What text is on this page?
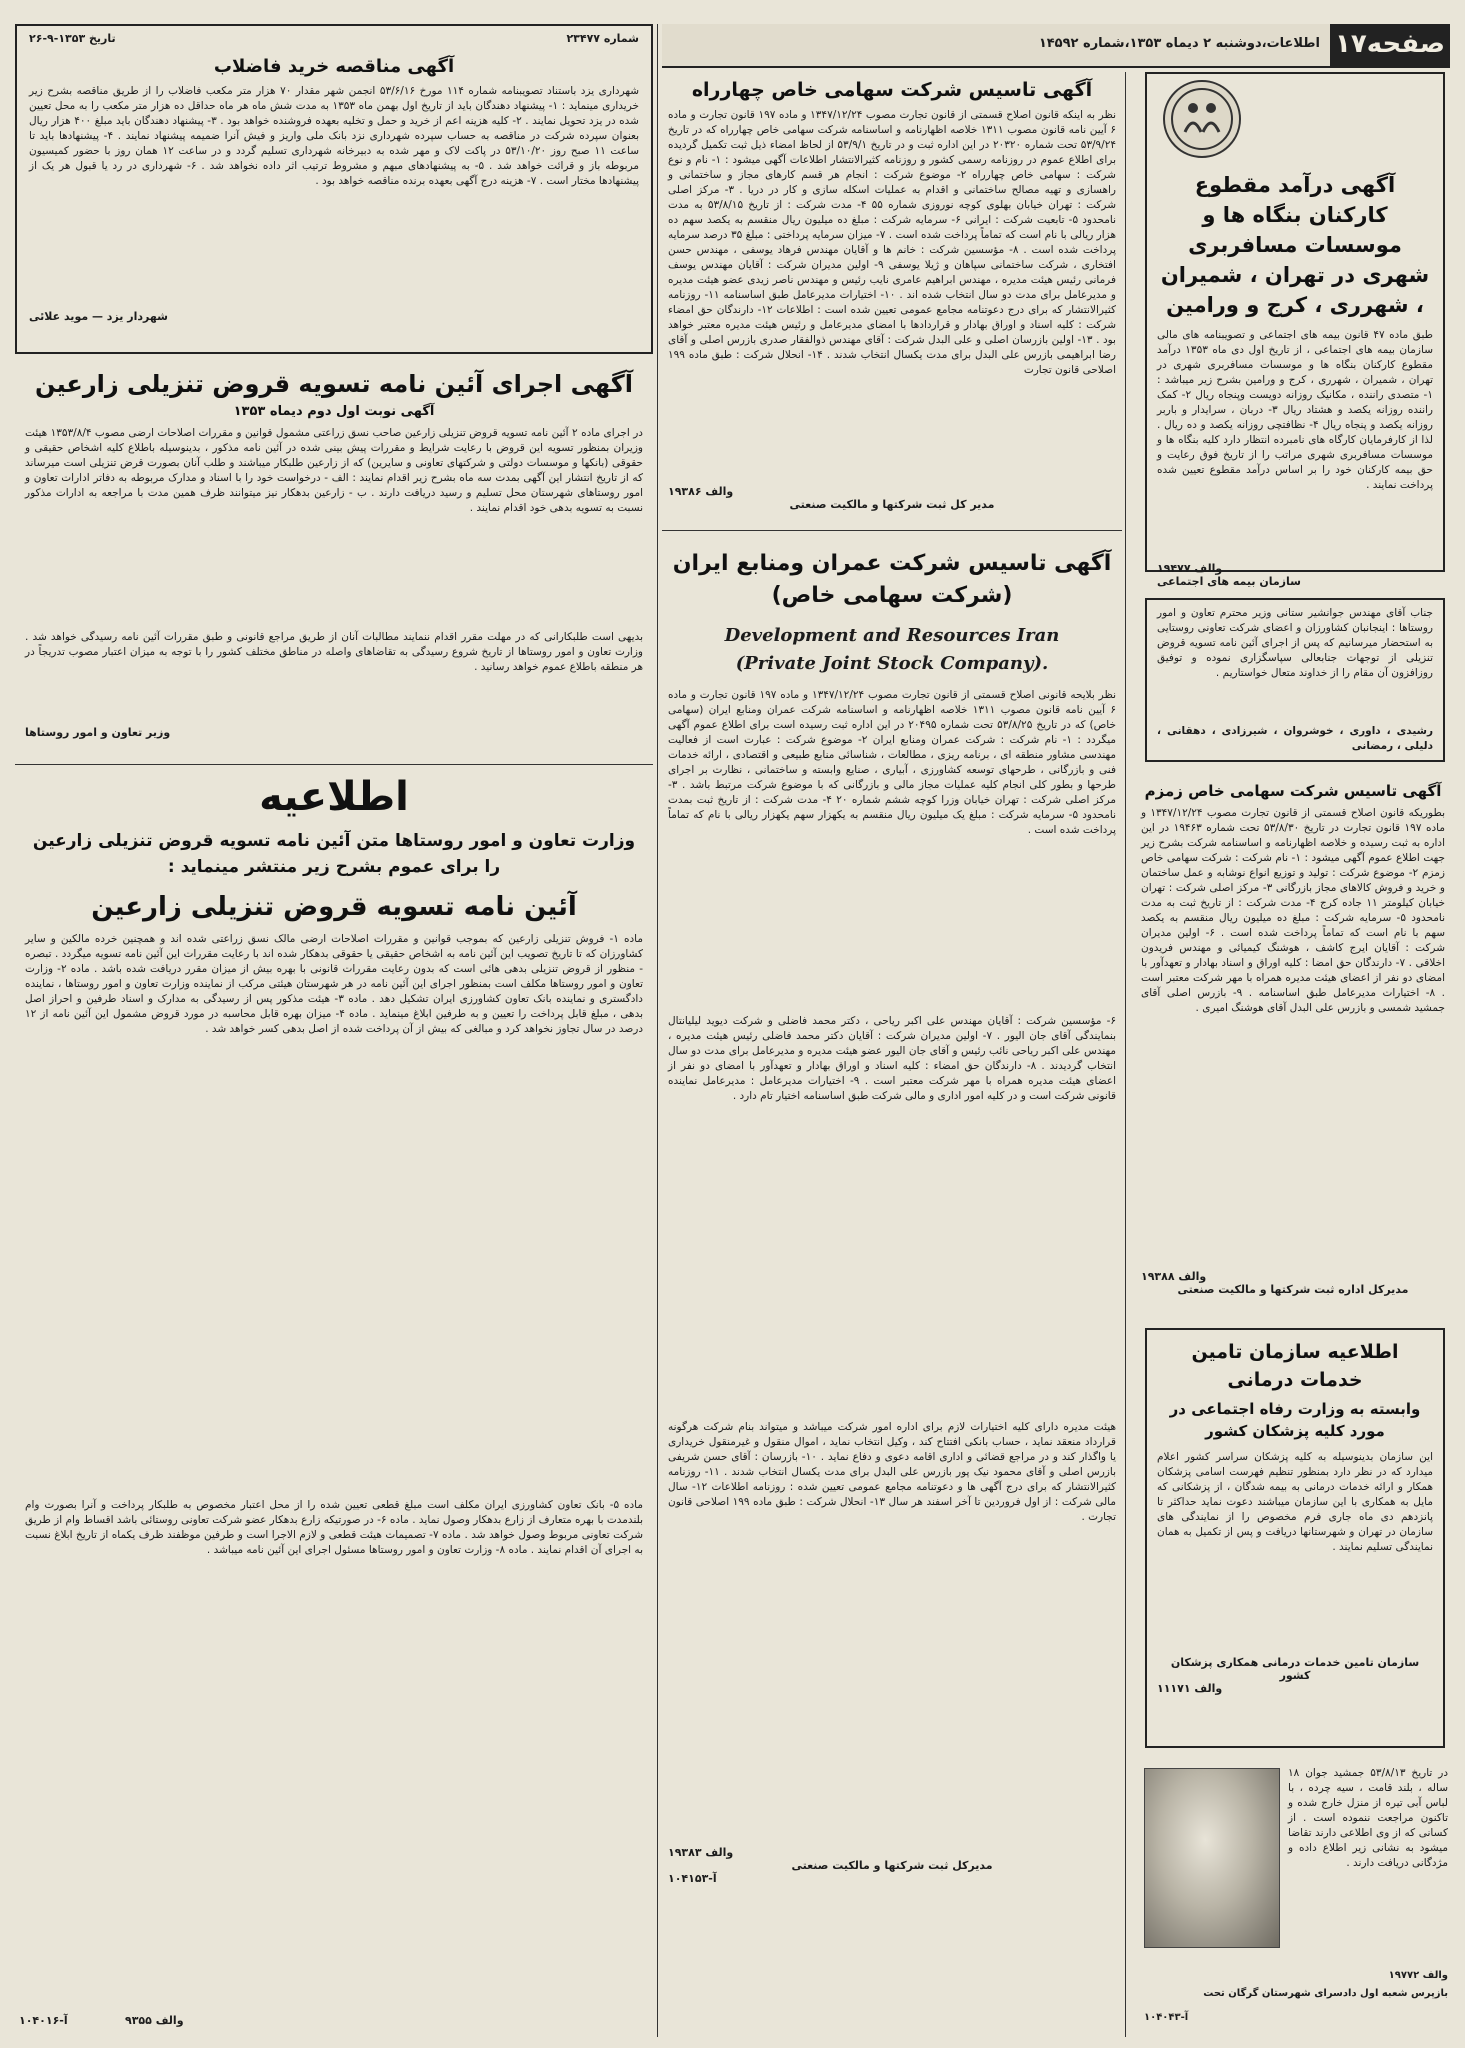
صفحه۱۷
اطلاعات،دوشنبه ۲ دیماه ۱۳۵۳،شماره ۱۴۵۹۲
آگهی درآمد مقطوع کارکنان بنگاه ها و موسسات مسافربری شهری در تهران ، شمیران ، شهرری ، کرج و ورامین
طبق ماده ۴۷ قانون بیمه های اجتماعی و تصویبنامه های مالی سازمان بیمه های اجتماعی ، از تاریخ اول دی ماه ۱۳۵۳ درآمد مقطوع کارکنان بنگاه ها و موسسات مسافربری شهری در تهران ، شمیران ، شهرری ، کرج و ورامین بشرح زیر میباشد : ۱- متصدی راننده ، مکانیک روزانه دویست وپنجاه ریال ۲- کمک راننده روزانه یکصد و هشتاد ریال ۳- دربان ، سرایدار و باربر روزانه یکصد و پنجاه ریال ۴- نظافتچی روزانه یکصد و ده ریال . لذا از کارفرمایان کارگاه های نامبرده انتظار دارد کلیه بنگاه ها و موسسات مسافربری شهری مراتب را از تاریخ فوق رعایت و حق بیمه کارکنان خود را بر اساس درآمد مقطوع تعیین شده پرداخت نمایند .
والف ۱۹۴۷۷
سازمان بیمه های اجتماعی
جناب آقای مهندس جوانشیر ستانی وزیر محترم تعاون و امور روستاها : اینجانبان کشاورزان و اعضای شرکت تعاونی روستایی به استحضار میرسانیم که پس از اجرای آئین نامه تسویه قروض تنزیلی از توجهات جنابعالی سپاسگزاری نموده و توفیق روزافزون آن مقام را از خداوند متعال خواستاریم .
رشیدی ، داوری ، خوشروان ، شیرزادی ، دهقانی ، دلیلی ، رمضانی
آگهی تاسیس شرکت سهامی خاص زمزم
بطوریکه قانون اصلاح قسمتی از قانون تجارت مصوب ۱۳۴۷/۱۲/۲۴ و ماده ۱۹۷ قانون تجارت در تاریخ ۵۳/۸/۳۰ تحت شماره ۱۹۴۶۳ در این اداره به ثبت رسیده و خلاصه اظهارنامه و اساسنامه شرکت بشرح زیر جهت اطلاع عموم آگهی میشود : ۱- نام شرکت : شرکت سهامی خاص زمزم ۲- موضوع شرکت : تولید و توزیع انواع نوشابه و عمل ساختمان و خرید و فروش کالاهای مجاز بازرگانی ۳- مرکز اصلی شرکت : تهران خیابان کیلومتر ۱۱ جاده کرج ۴- مدت شرکت : از تاریخ ثبت به مدت نامحدود ۵- سرمایه شرکت : مبلغ ده میلیون ریال منقسم به یکصد سهم با نام است که تماماً پرداخت شده است . ۶- اولین مدیران شرکت : آقایان ایرج کاشف ، هوشنگ کیمیائی و مهندس فریدون اخلاقی . ۷- دارندگان حق امضا : کلیه اوراق و اسناد بهادار و تعهدآور با امضای دو نفر از اعضای هیئت مدیره همراه با مهر شرکت معتبر است . ۸- اختیارات مدیرعامل طبق اساسنامه . ۹- بازرس اصلی آقای جمشید شمسی و بازرس علی البدل آقای هوشنگ امیری .
والف ۱۹۳۸۸
مدیرکل اداره ثبت شرکتها و مالکیت صنعتی
اطلاعیه سازمان تامین خدمات درمانی
وابسته به وزارت رفاه اجتماعی در مورد کلیه پزشکان کشور
این سازمان بدینوسیله به کلیه پزشکان سراسر کشور اعلام میدارد که در نظر دارد بمنظور تنظیم فهرست اسامی پزشکان همکار و ارائه خدمات درمانی به بیمه شدگان ، از پزشکانی که مایل به همکاری با این سازمان میباشند دعوت نماید حداکثر تا پانزدهم دی ماه جاری فرم مخصوص را از نمایندگی های سازمان در تهران و شهرستانها دریافت و پس از تکمیل به همان نمایندگی تسلیم نمایند .
سازمان تامین خدمات درمانی همکاری پزشکان کشور
والف ۱۱۱۷۱
در تاریخ ۵۳/۸/۱۳ جمشید جوان ۱۸ ساله ، بلند قامت ، سیه چرده ، با لباس آبی تیره از منزل خارج شده و تاکنون مراجعت ننموده است . از کسانی که از وی اطلاعی دارند تقاضا میشود به نشانی زیر اطلاع داده و مژدگانی دریافت دارند .
والف ۱۹۷۷۲
بازپرس شعبه اول دادسرای شهرستان گرگان تحت
آ-۱۰۴۰۴۳
آگهی تاسیس شرکت سهامی خاص چهارراه
نظر به اینکه قانون اصلاح قسمتی از قانون تجارت مصوب ۱۳۴۷/۱۲/۲۴ و ماده ۱۹۷ قانون تجارت و ماده ۶ آیین نامه قانون مصوب ۱۳۱۱ خلاصه اظهارنامه و اساسنامه شرکت سهامی خاص چهارراه که در تاریخ ۵۳/۹/۲۴ تحت شماره ۲۰۳۲۰ در این اداره ثبت و در تاریخ ۵۳/۹/۱ از لحاظ امضاء ذیل ثبت تکمیل گردیده برای اطلاع عموم در روزنامه رسمی کشور و روزنامه کثیرالانتشار اطلاعات آگهی میشود : ۱- نام و نوع شرکت : سهامی خاص چهارراه ۲- موضوع شرکت : انجام هر قسم کارهای مجاز و ساختمانی و راهسازی و تهیه مصالح ساختمانی و اقدام به عملیات اسکله سازی و کار در دریا . ۳- مرکز اصلی شرکت : تهران خیابان بهلوی کوچه نوروزی شماره ۵۵ ۴- مدت شرکت : از تاریخ ۵۳/۸/۱۵ به مدت نامحدود ۵- تابعیت شرکت : ایرانی ۶- سرمایه شرکت : مبلغ ده میلیون ریال منقسم به یکصد سهم ده هزار ریالی با نام است که تماماً پرداخت شده است . ۷- میزان سرمایه پرداختی : مبلغ ۳۵ درصد سرمایه پرداخت شده است . ۸- مؤسسین شرکت : خانم ها و آقایان مهندس فرهاد یوسفی ، مهندس حسن افتخاری ، شرکت ساختمانی سپاهان و ژیلا یوسفی ۹- اولین مدیران شرکت : آقایان مهندس یوسف فرمانی رئیس هیئت مدیره ، مهندس ابراهیم عامری نایب رئیس و مهندس ناصر زیدی عضو هیئت مدیره و مدیرعامل برای مدت دو سال انتخاب شده اند . ۱۰- اختیارات مدیرعامل طبق اساسنامه ۱۱- روزنامه کثیرالانتشار که برای درج دعوتنامه مجامع عمومی تعیین شده است : اطلاعات ۱۲- دارندگان حق امضاء شرکت : کلیه اسناد و اوراق بهادار و قراردادها با امضای مدیرعامل و رئیس هیئت مدیره معتبر خواهد بود . ۱۳- اولین بازرسان اصلی و علی البدل شرکت : آقای مهندس ذوالفقار صدری بازرس اصلی و آقای رضا ابراهیمی بازرس علی البدل برای مدت یکسال انتخاب شدند . ۱۴- انحلال شرکت : طبق ماده ۱۹۹ اصلاحی قانون تجارت
والف ۱۹۳۸۶
مدیر کل ثبت شرکتها و مالکیت صنعتی
آگهی تاسیس شرکت عمران ومنابع ایران
(شرکت سهامی خاص)
Development and Resources Iran (Private Joint Stock Company).
نظر بلایحه قانونی اصلاح قسمتی از قانون تجارت مصوب ۱۳۴۷/۱۲/۲۴ و ماده ۱۹۷ قانون تجارت و ماده ۶ آیین نامه قانون مصوب ۱۳۱۱ خلاصه اظهارنامه و اساسنامه شرکت عمران ومنابع ایران (سهامی خاص) که در تاریخ ۵۳/۸/۲۵ تحت شماره ۲۰۴۹۵ در این اداره ثبت رسیده است برای اطلاع عموم آگهی میگردد : ۱- نام شرکت : شرکت عمران ومنابع ایران ۲- موضوع شرکت : عبارت است از فعالیت مهندسی مشاور منطقه ای ، برنامه ریزی ، مطالعات ، شناسائی منابع طبیعی و اقتصادی ، ارائه خدمات فنی و بازرگانی ، طرحهای توسعه کشاورزی ، آبیاری ، صنایع وابسته و ساختمانی ، نظارت بر اجرای طرحها و بطور کلی انجام کلیه عملیات مجاز مالی و بازرگانی که با موضوع شرکت مرتبط باشد . ۳- مرکز اصلی شرکت : تهران خیابان وزرا کوچه ششم شماره ۲۰ ۴- مدت شرکت : از تاریخ ثبت بمدت نامحدود ۵- سرمایه شرکت : مبلغ یک میلیون ریال منقسم به یکهزار سهم یکهزار ریالی با نام که تماماً پرداخت شده است .
۶- مؤسسین شرکت : آقایان مهندس علی اکبر ریاحی ، دکتر محمد فاضلی و شرکت دیوید لیلیانتال بنمایندگی آقای جان الیور . ۷- اولین مدیران شرکت : آقایان دکتر محمد فاضلی رئیس هیئت مدیره ، مهندس علی اکبر ریاحی نائب رئیس و آقای جان الیور عضو هیئت مدیره و مدیرعامل برای مدت دو سال انتخاب گردیدند . ۸- دارندگان حق امضاء : کلیه اسناد و اوراق بهادار و تعهدآور با امضای دو نفر از اعضای هیئت مدیره همراه با مهر شرکت معتبر است . ۹- اختیارات مدیرعامل : مدیرعامل نماینده قانونی شرکت است و در کلیه امور اداری و مالی شرکت طبق اساسنامه اختیار تام دارد .
هیئت مدیره دارای کلیه اختیارات لازم برای اداره امور شرکت میباشد و میتواند بنام شرکت هرگونه قرارداد منعقد نماید ، حساب بانکی افتتاح کند ، وکیل انتخاب نماید ، اموال منقول و غیرمنقول خریداری یا واگذار کند و در مراجع قضائی و اداری اقامه دعوی و دفاع نماید . ۱۰- بازرسان : آقای حسن شریفی بازرس اصلی و آقای محمود نیک پور بازرس علی البدل برای مدت یکسال انتخاب شدند . ۱۱- روزنامه کثیرالانتشار که برای درج آگهی ها و دعوتنامه مجامع عمومی تعیین شده : روزنامه اطلاعات ۱۲- سال مالی شرکت : از اول فروردین تا آخر اسفند هر سال ۱۳- انحلال شرکت : طبق ماده ۱۹۹ اصلاحی قانون تجارت .
والف ۱۹۳۸۳
مدیرکل ثبت شرکتها و مالکیت صنعتی
آ-۱۰۴۱۵۳
شماره ۲۳۴۷۷
تاریخ ۱۳۵۳-۹-۲۶
آگهی مناقصه خرید فاضلاب
شهرداری یزد باستناد تصویبنامه شماره ۱۱۴ مورخ ۵۳/۶/۱۶ انجمن شهر مقدار ۷۰ هزار متر مکعب فاضلاب را از طریق مناقصه بشرح زیر خریداری مینماید : ۱- پیشنهاد دهندگان باید از تاریخ اول بهمن ماه ۱۳۵۳ به مدت شش ماه هر ماه حداقل ده هزار متر مکعب را به محل تعیین شده در یزد تحویل نمایند . ۲- کلیه هزینه اعم از خرید و حمل و تخلیه بعهده فروشنده خواهد بود . ۳- پیشنهاد دهندگان باید مبلغ ۴۰۰ هزار ریال بعنوان سپرده شرکت در مناقصه به حساب سپرده شهرداری نزد بانک ملی واریز و فیش آنرا ضمیمه پیشنهاد نمایند . ۴- پیشنهادها باید تا ساعت ۱۱ صبح روز ۵۳/۱۰/۲۰ در پاکت لاک و مهر شده به دبیرخانه شهرداری تسلیم گردد و در ساعت ۱۲ همان روز با حضور کمیسیون مربوطه باز و قرائت خواهد شد . ۵- به پیشنهادهای مبهم و مشروط ترتیب اثر داده نخواهد شد . ۶- شهرداری در رد یا قبول هر یک از پیشنهادها مختار است . ۷- هزینه درج آگهی بعهده برنده مناقصه خواهد بود .
شهردار یزد — موید علائی
آگهی اجرای آئین نامه تسویه قروض تنزیلی زارعین
آگهی نوبت اول دوم دیماه ۱۳۵۳
در اجرای ماده ۲ آئین نامه تسویه قروض تنزیلی زارعین صاحب نسق زراعتی مشمول قوانین و مقررات اصلاحات ارضی مصوب ۱۳۵۳/۸/۴ هیئت وزیران بمنظور تسویه این قروض با رعایت شرایط و مقررات پیش بینی شده در آئین نامه مذکور ، بدینوسیله باطلاع کلیه اشخاص حقیقی و حقوقی (بانکها و موسسات دولتی و شرکتهای تعاونی و سایرین) که از زارعین طلبکار میباشند و طلب آنان بصورت قرض تنزیلی است میرساند که از تاریخ انتشار این آگهی بمدت سه ماه بشرح زیر اقدام نمایند : الف - درخواست خود را با اسناد و مدارک مربوطه به دفاتر ادارات تعاون و امور روستاهای شهرستان محل تسلیم و رسید دریافت دارند . ب - زارعین بدهکار نیز میتوانند ظرف همین مدت با مراجعه به ادارات مذکور نسبت به تسویه بدهی خود اقدام نمایند .
بدیهی است طلبکارانی که در مهلت مقرر اقدام ننمایند مطالبات آنان از طریق مراجع قانونی و طبق مقررات آئین نامه رسیدگی خواهد شد . وزارت تعاون و امور روستاها از تاریخ شروع رسیدگی به تقاضاهای واصله در مناطق مختلف کشور را با توجه به میزان اعتبار مصوب تدریجاً در هر منطقه باطلاع عموم خواهد رسانید .
وزیر تعاون و امور روستاها
اطلاعیه
وزارت تعاون و امور روستاها متن آئین نامه تسویه قروض تنزیلی زارعین را برای عموم بشرح زیر منتشر مینماید :
آئین نامه تسویه قروض تنزیلی زارعین
ماده ۱- فروش تنزیلی زارعین که بموجب قوانین و مقررات اصلاحات ارضی مالک نسق زراعتی شده اند و همچنین خرده مالکین و سایر کشاورزان که تا تاریخ تصویب این آئین نامه به اشخاص حقیقی یا حقوقی بدهکار شده اند با رعایت مقررات این آئین نامه تسویه میگردد . تبصره - منظور از قروض تنزیلی بدهی هائی است که بدون رعایت مقررات قانونی با بهره بیش از میزان مقرر دریافت شده باشد . ماده ۲- وزارت تعاون و امور روستاها مکلف است بمنظور اجرای این آئین نامه در هر شهرستان هیئتی مرکب از نماینده وزارت تعاون و امور روستاها ، نماینده دادگستری و نماینده بانک تعاون کشاورزی ایران تشکیل دهد . ماده ۳- هیئت مذکور پس از رسیدگی به مدارک و اسناد طرفین و احراز اصل بدهی ، مبلغ قابل پرداخت را تعیین و به طرفین ابلاغ مینماید . ماده ۴- میزان بهره قابل محاسبه در مورد قروض مشمول این آئین نامه از ۱۲ درصد در سال تجاوز نخواهد کرد و مبالغی که بیش از آن پرداخت شده از اصل بدهی کسر خواهد شد .
ماده ۵- بانک تعاون کشاورزی ایران مکلف است مبلغ قطعی تعیین شده را از محل اعتبار مخصوص به طلبکار پرداخت و آنرا بصورت وام بلندمدت با بهره متعارف از زارع بدهکار وصول نماید . ماده ۶- در صورتیکه زارع بدهکار عضو شرکت تعاونی روستائی باشد اقساط وام از طریق شرکت تعاونی مربوط وصول خواهد شد . ماده ۷- تصمیمات هیئت قطعی و لازم الاجرا است و طرفین موظفند ظرف یکماه از تاریخ ابلاغ نسبت به اجرای آن اقدام نمایند . ماده ۸- وزارت تعاون و امور روستاها مسئول اجرای این آئین نامه میباشد .
والف ۹۳۵۵
آ-۱۰۴۰۱۶
